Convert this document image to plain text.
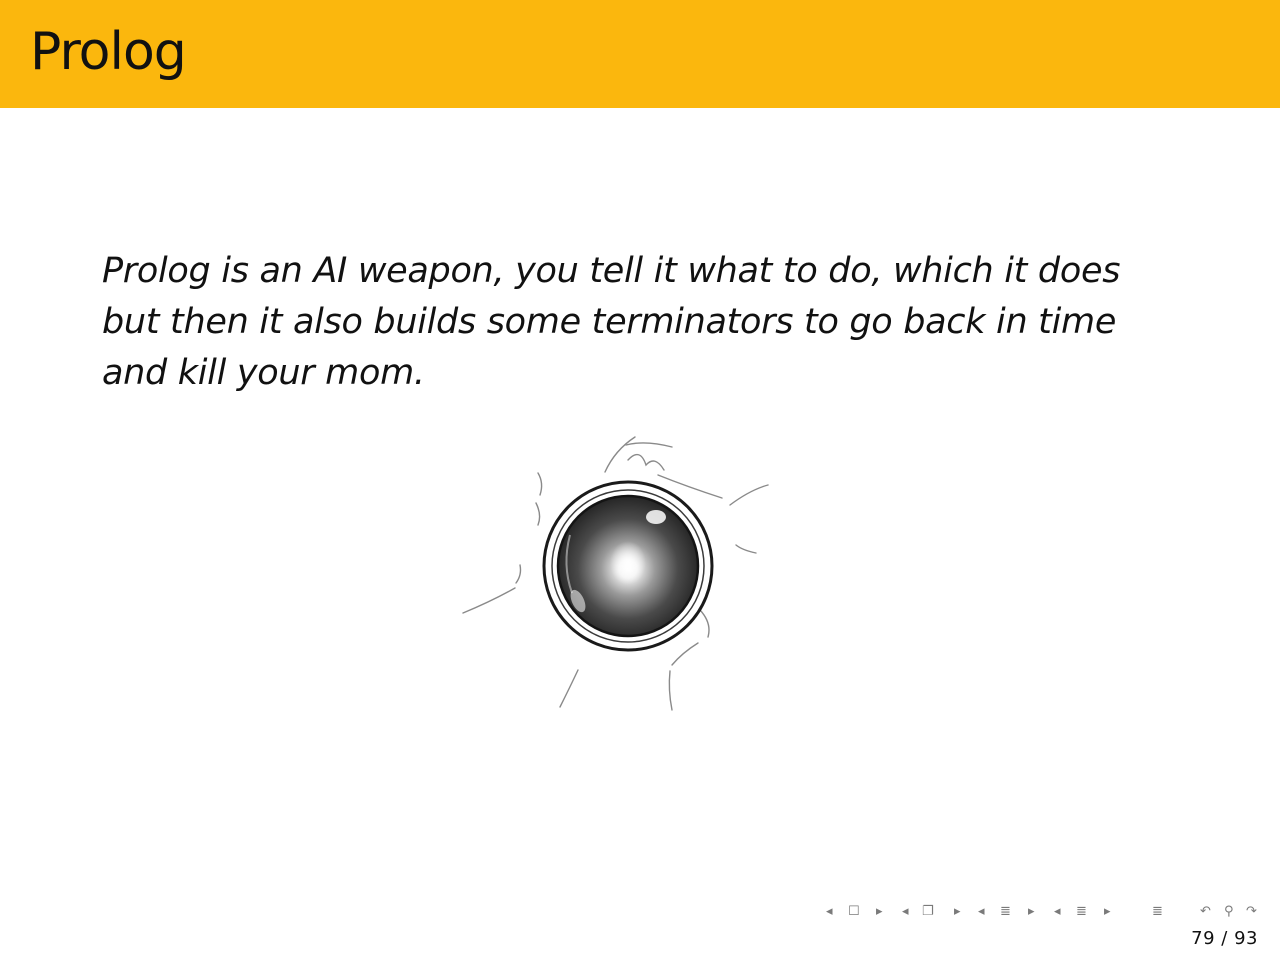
Prolog
Prolog is an AI weapon, you tell it what to do, which it does but then it also builds some terminators to go back in time and kill your mom.
◂ ☐ ▸ ◂ ❐ ▸ ◂ ≣ ▸ ◂ ≣ ▸	≣	↶ ⚲ ↷
79 / 93
